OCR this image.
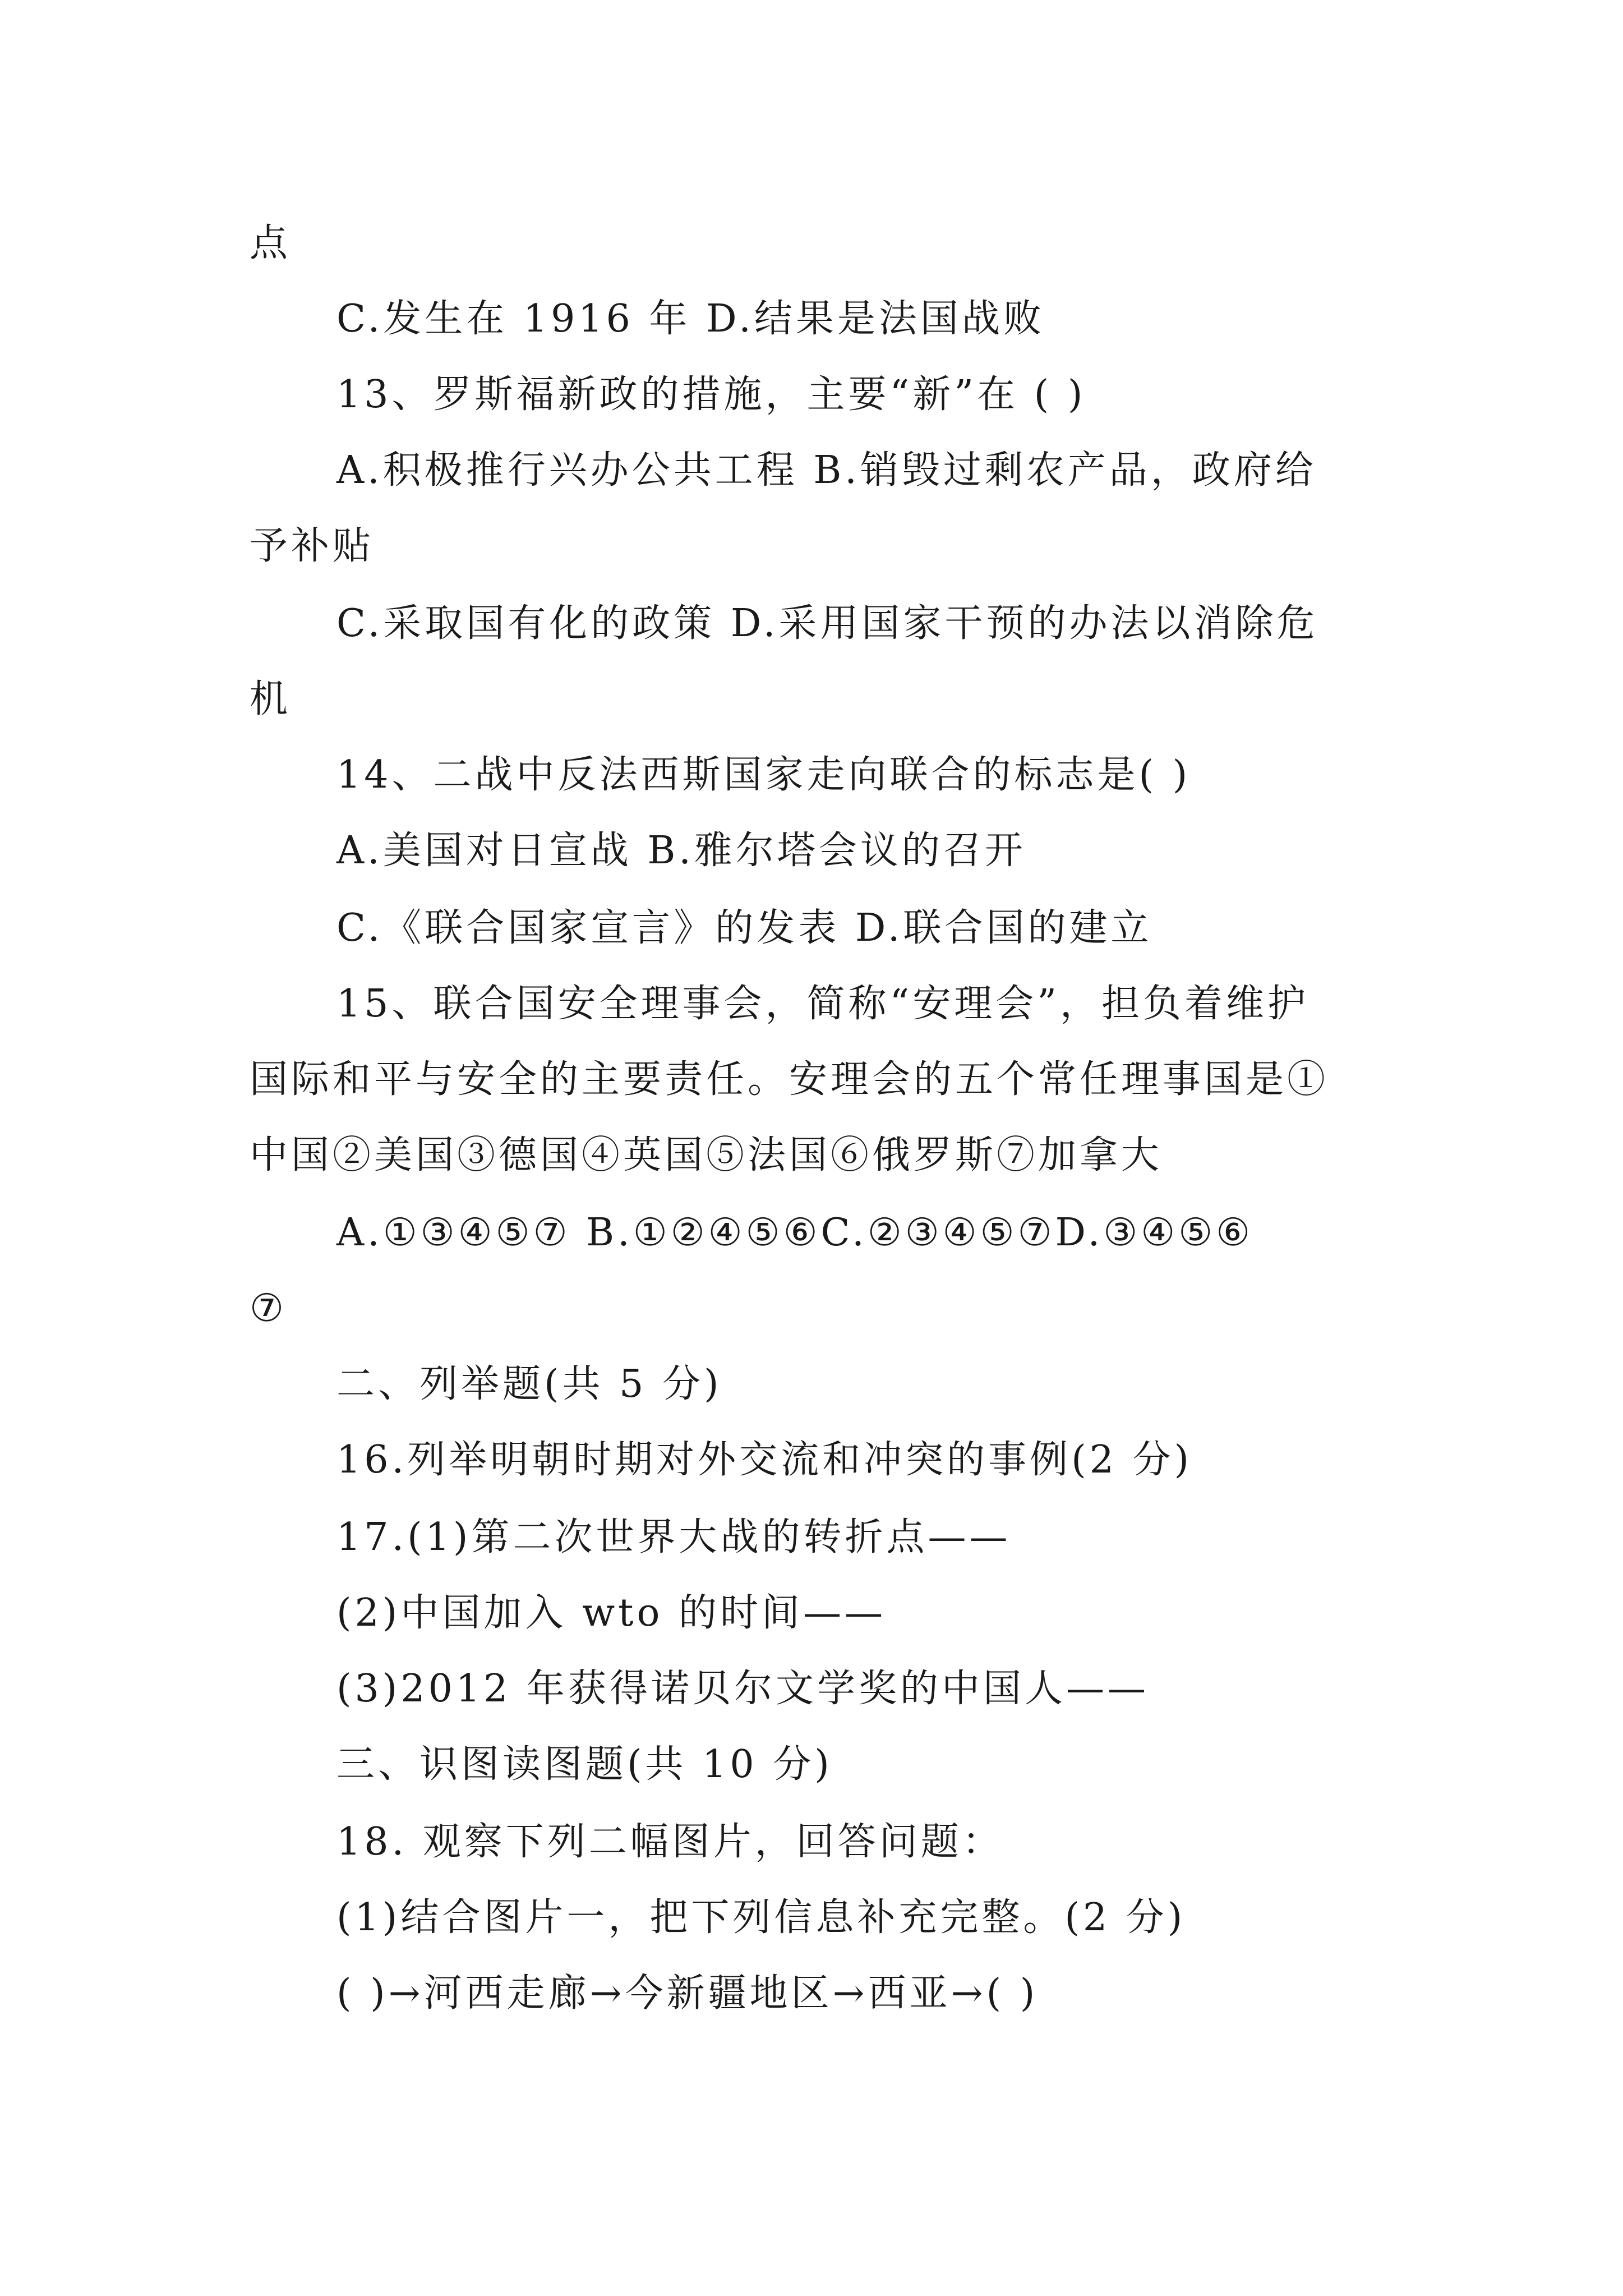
点
C.发生在 1916 年 D.结果是法国战败
13、罗斯福新政的措施，主要“新”在 ( )
A.积极推行兴办公共工程 B.销毁过剩农产品，政府给
予补贴
C.采取国有化的政策 D.采用国家干预的办法以消除危
机
14、二战中反法西斯国家走向联合的标志是( )
A.美国对日宣战 B.雅尔塔会议的召开
C.《联合国家宣言》的发表 D.联合国的建立
15、联合国安全理事会，简称“安理会”，担负着维护
国际和平与安全的主要责任。安理会的五个常任理事国是①
中国②美国③德国④英国⑤法国⑥俄罗斯⑦加拿大
A.①③④⑤⑦ B.①②④⑤⑥C.②③④⑤⑦D.③④⑤⑥
⑦
二、列举题(共 5 分)
16.列举明朝时期对外交流和冲突的事例(2 分)
17.(1)第二次世界大战的转折点——
(2)中国加入 wto 的时间——
(3)2012 年获得诺贝尔文学奖的中国人——
三、识图读图题(共 10 分)
18. 观察下列二幅图片，回答问题：
(1)结合图片一，把下列信息补充完整。(2 分)
( )→河西走廊→今新疆地区→西亚→( )
